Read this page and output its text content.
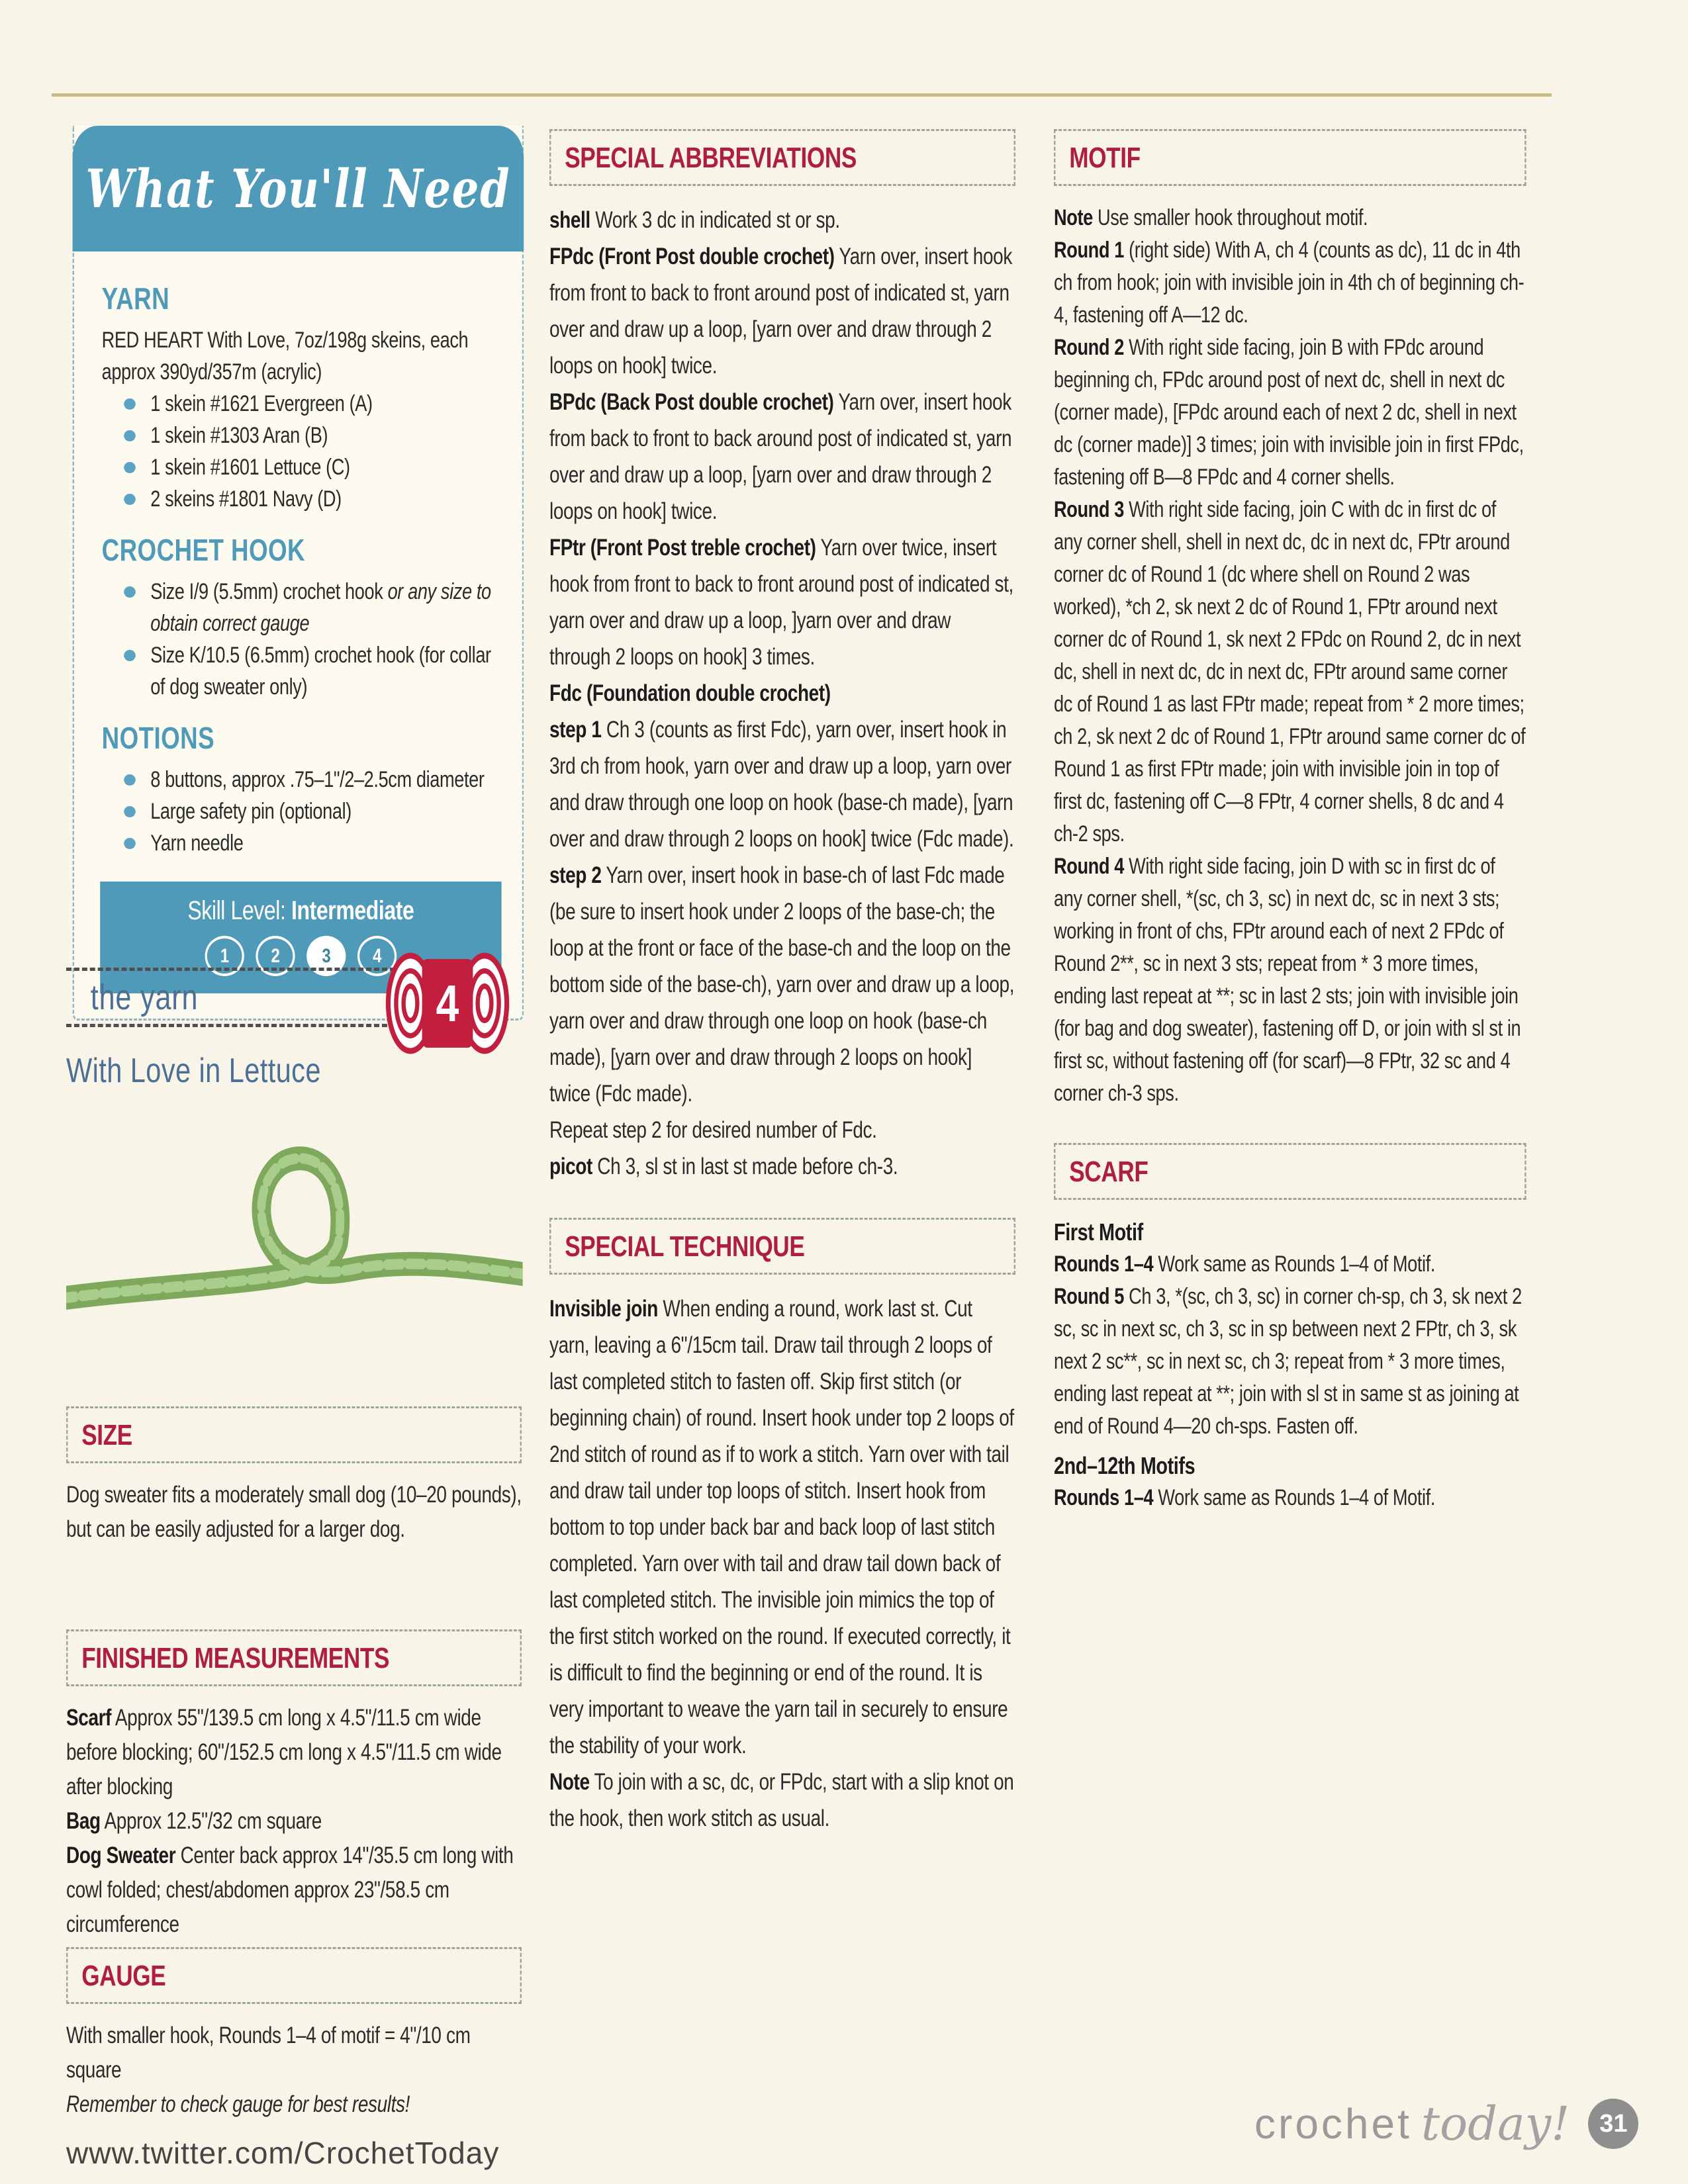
What You'll Need
YARN
RED HEART With Love, 7oz/198g skeins, each approx 390yd/357m (acrylic)
1 skein #1621 Evergreen (A)
1 skein #1303 Aran (B)
1 skein #1601 Lettuce (C)
2 skeins #1801 Navy (D)
CROCHET HOOK
Size I/9 (5.5mm) crochet hook or any size to obtain correct gauge
Size K/10.5 (6.5mm) crochet hook (for collar of dog sweater only)
NOTIONS
8 buttons, approx .75–1"/2–2.5cm diameter
Large safety pin (optional)
Yarn needle
Skill Level: Intermediate
1	2	3	4
the yarn	4
With Love in Lettuce
SIZE

Dog sweater fits a moderately small dog (10–20 pounds), but can be easily adjusted for a larger dog.

FINISHED MEASUREMENTS

Scarf Approx 55"/139.5 cm long x 4.5"/11.5 cm wide before blocking; 60"/152.5 cm long x 4.5"/11.5 cm wide after blocking

Bag Approx 12.5"/32 cm square

Dog Sweater Center back approx 14"/35.5 cm long with cowl folded; chest/abdomen approx 23"/58.5 cm circumference

GAUGE

With smaller hook, Rounds 1–4 of motif = 4"/10 cm square

Remember to check gauge for best results!

SPECIAL ABBREVIATIONS

shell Work 3 dc in indicated st or sp.

FPdc (Front Post double crochet) Yarn over, insert hook from front to back to front around post of indicated st, yarn over and draw up a loop, [yarn over and draw through 2 loops on hook] twice.

BPdc (Back Post double crochet) Yarn over, insert hook from back to front to back around post of indicated st, yarn over and draw up a loop, [yarn over and draw through 2 loops on hook] twice.

FPtr (Front Post treble crochet) Yarn over twice, insert hook from front to back to front around post of indicated st, yarn over and draw up a loop, ]yarn over and draw through 2 loops on hook] 3 times.

Fdc (Foundation double crochet)

step 1 Ch 3 (counts as first Fdc), yarn over, insert hook in 3rd ch from hook, yarn over and draw up a loop, yarn over and draw through one loop on hook (base-ch made), [yarn over and draw through 2 loops on hook] twice (Fdc made).

step 2 Yarn over, insert hook in base-ch of last Fdc made (be sure to insert hook under 2 loops of the base-ch; the loop at the front or face of the base-ch and the loop on the bottom side of the base-ch), yarn over and draw up a loop, yarn over and draw through one loop on hook (base-ch made), [yarn over and draw through 2 loops on hook] twice (Fdc made).

Repeat step 2 for desired number of Fdc.

picot Ch 3, sl st in last st made before ch-3.

SPECIAL TECHNIQUE

Invisible join When ending a round, work last st. Cut yarn, leaving a 6"/15cm tail. Draw tail through 2 loops of last completed stitch to fasten off. Skip first stitch (or beginning chain) of round. Insert hook under top 2 loops of 2nd stitch of round as if to work a stitch. Yarn over with tail and draw tail under top loops of stitch. Insert hook from bottom to top under back bar and back loop of last stitch completed. Yarn over with tail and draw tail down back of last completed stitch. The invisible join mimics the top of the first stitch worked on the round. If executed correctly, it is difficult to find the beginning or end of the round. It is very important to weave the yarn tail in securely to ensure the stability of your work.

Note To join with a sc, dc, or FPdc, start with a slip knot on the hook, then work stitch as usual.

MOTIF

Note Use smaller hook throughout motif.

Round 1 (right side) With A, ch 4 (counts as dc), 11 dc in 4th ch from hook; join with invisible join in 4th ch of beginning ch-4, fastening off A—12 dc.

Round 2 With right side facing, join B with FPdc around beginning ch, FPdc around post of next dc, shell in next dc (corner made), [FPdc around each of next 2 dc, shell in next dc (corner made)] 3 times; join with invisible join in first FPdc, fastening off B—8 FPdc and 4 corner shells.

Round 3 With right side facing, join C with dc in first dc of any corner shell, shell in next dc, dc in next dc, FPtr around corner dc of Round 1 (dc where shell on Round 2 was worked), *ch 2, sk next 2 dc of Round 1, FPtr around next corner dc of Round 1, sk next 2 FPdc on Round 2, dc in next dc, shell in next dc, dc in next dc, FPtr around same corner dc of Round 1 as last FPtr made; repeat from * 2 more times; ch 2, sk next 2 dc of Round 1, FPtr around same corner dc of Round 1 as first FPtr made; join with invisible join in top of first dc, fastening off C—8 FPtr, 4 corner shells, 8 dc and 4 ch-2 sps.

Round 4 With right side facing, join D with sc in first dc of any corner shell, *(sc, ch 3, sc) in next dc, sc in next 3 sts; working in front of chs, FPtr around each of next 2 FPdc of Round 2**, sc in next 3 sts; repeat from * 3 more times, ending last repeat at **; sc in last 2 sts; join with invisible join (for bag and dog sweater), fastening off D, or join with sl st in first sc, without fastening off (for scarf)—8 FPtr, 32 sc and 4 corner ch-3 sps.

SCARF

First Motif

Rounds 1–4 Work same as Rounds 1–4 of Motif.

Round 5 Ch 3, *(sc, ch 3, sc) in corner ch-sp, ch 3, sk next 2 sc, sc in next sc, ch 3, sc in sp between next 2 FPtr, ch 3, sk next 2 sc**, sc in next sc, ch 3; repeat from * 3 more times, ending last repeat at **; join with sl st in same st as joining at end of Round 4—20 ch-sps. Fasten off.

2nd–12th Motifs

Rounds 1–4 Work same as Rounds 1–4 of Motif.

www.twitter.com/CrochetToday
crochet today!	31
